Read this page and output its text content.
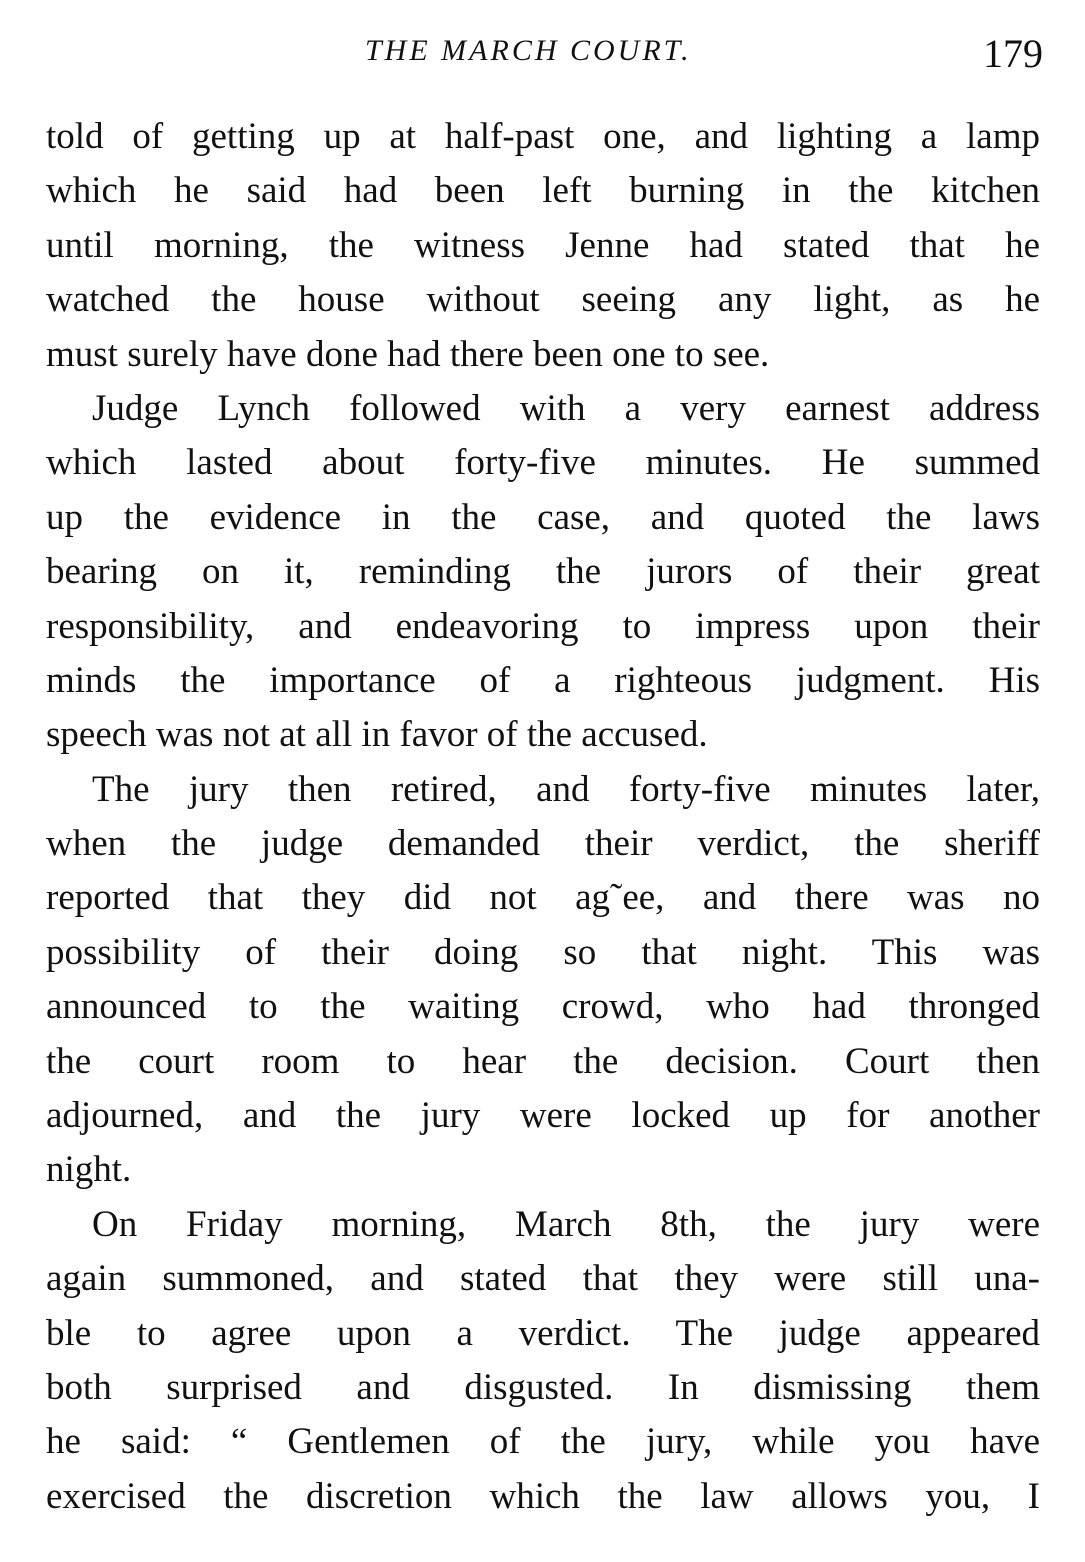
THE MARCH COURT.	179
told of getting up at half-past one, and lighting a lamp
which he said had been left burning in the kitchen
until morning, the witness Jenne had stated that he
watched the house without seeing any light, as he
must surely have done had there been one to see.
Judge Lynch followed with a very earnest address
which lasted about forty-five minutes. He summed
up the evidence in the case, and quoted the laws
bearing on it, reminding the jurors of their great
responsibility, and endeavoring to impress upon their
minds the importance of a righteous judgment. His
speech was not at all in favor of the accused.
The jury then retired, and forty-five minutes later,
when the judge demanded their verdict, the sheriff
reported that they did not ag˜ee, and there was no
possibility of their doing so that night. This was
announced to the waiting crowd, who had thronged
the court room to hear the decision. Court then
adjourned, and the jury were locked up for another
night.
On Friday morning, March 8th, the jury were
again summoned, and stated that they were still una-
ble to agree upon a verdict. The judge appeared
both surprised and disgusted. In dismissing them
he said: “ Gentlemen of the jury, while you have
exercised the discretion which the law allows you, I
